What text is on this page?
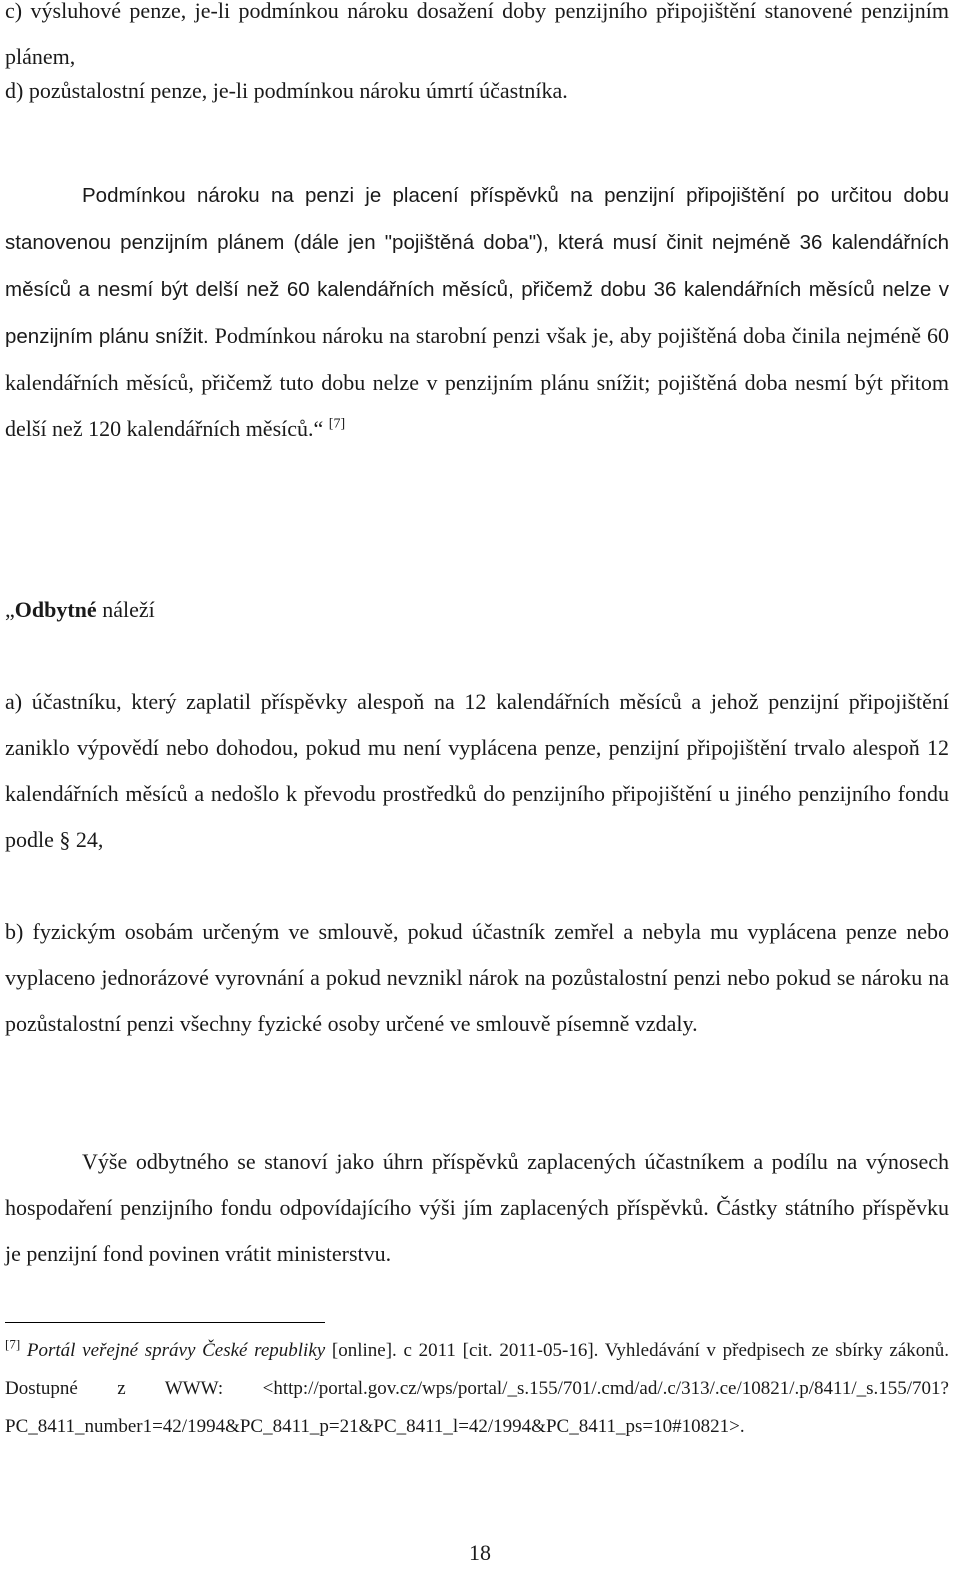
c) výsluhové penze, je-li podmínkou nároku dosažení doby penzijního připojištění stanovené penzijním plánem,

d) pozůstalostní penze, je-li podmínkou nároku úmrtí účastníka.

Podmínkou nároku na penzi je placení příspěvků na penzijní připojištění po určitou dobu stanovenou penzijním plánem (dále jen "pojištěná doba"), která musí činit nejméně 36 kalendářních měsíců a nesmí být delší než 60 kalendářních měsíců, přičemž dobu 36 kalendářních měsíců nelze v penzijním plánu snížit. Podmínkou nároku na starobní penzi však je, aby pojištěná doba činila nejméně 60 kalendářních měsíců, přičemž tuto dobu nelze v penzijním plánu snížit; pojištěná doba nesmí být přitom delší než 120 kalendářních měsíců.“ [7]

„Odbytné náleží

a) účastníku, který zaplatil příspěvky alespoň na 12 kalendářních měsíců a jehož penzijní připojištění zaniklo výpovědí nebo dohodou, pokud mu není vyplácena penze, penzijní připojištění trvalo alespoň 12 kalendářních měsíců a nedošlo k převodu prostředků do penzijního připojištění u jiného penzijního fondu podle § 24,

b) fyzickým osobám určeným ve smlouvě, pokud účastník zemřel a nebyla mu vyplácena penze nebo vyplaceno jednorázové vyrovnání a pokud nevznikl nárok na pozůstalostní penzi nebo pokud se nároku na pozůstalostní penzi všechny fyzické osoby určené ve smlouvě písemně vzdaly.

Výše odbytného se stanoví jako úhrn příspěvků zaplacených účastníkem a podílu na výnosech hospodaření penzijního fondu odpovídajícího výši jím zaplacených příspěvků. Částky státního příspěvku je penzijní fond povinen vrátit ministerstvu.

[7] Portál veřejné správy České republiky [online]. c 2011 [cit. 2011-05-16]. Vyhledávání v předpisech ze sbírky zákonů. Dostupné z WWW: <http://portal.gov.cz/wps/portal/_s.155/701/.cmd/ad/.c/313/.ce/10821/.p/8411/_s.155/701?PC_8411_number1=42/1994&PC_8411_p=21&PC_8411_l=42/1994&PC_8411_ps=10#10821>.

18
